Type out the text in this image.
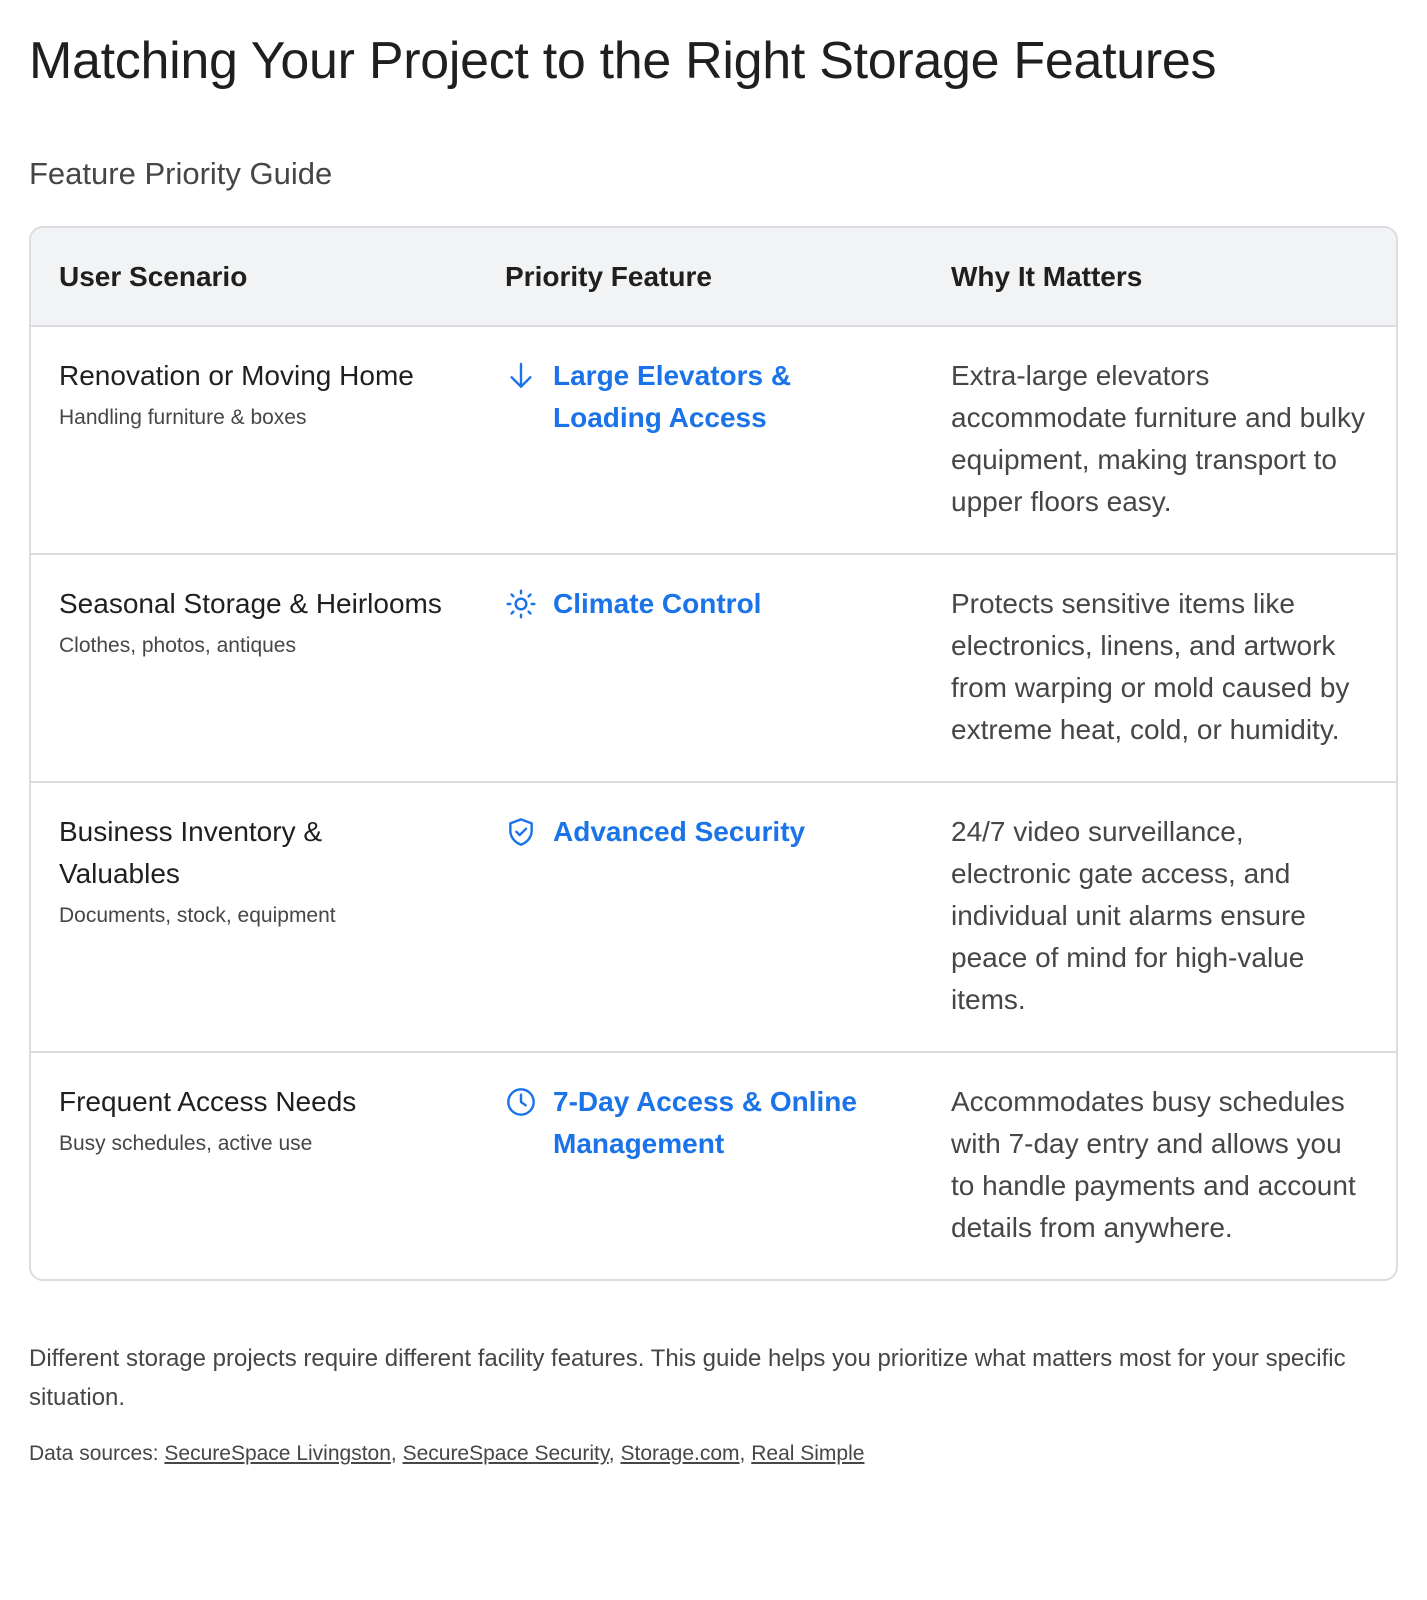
Matching Your Project to the Right Storage Features
Feature Priority Guide
User Scenario	Priority Feature	Why It Matters

Renovation or Moving Home
Handling furniture & boxes	Large Elevators & Loading Access	Extra-large elevators accommodate furniture and bulky equipment, making transport to upper floors easy.

Seasonal Storage & Heirlooms
Clothes, photos, antiques	Climate Control	Protects sensitive items like electronics, linens, and artwork from warping or mold caused by extreme heat, cold, or humidity.

Business Inventory & Valuables
Documents, stock, equipment	Advanced Security	24/7 video surveillance, electronic gate access, and individual unit alarms ensure peace of mind for high-value items.

Frequent Access Needs
Busy schedules, active use	7-Day Access & Online Management	Accommodates busy schedules with 7-day entry and allows you to handle payments and account details from anywhere.

Different storage projects require different facility features. This guide helps you prioritize what matters most for your specific situation.

Data sources: SecureSpace Livingston, SecureSpace Security, Storage.com, Real Simple
